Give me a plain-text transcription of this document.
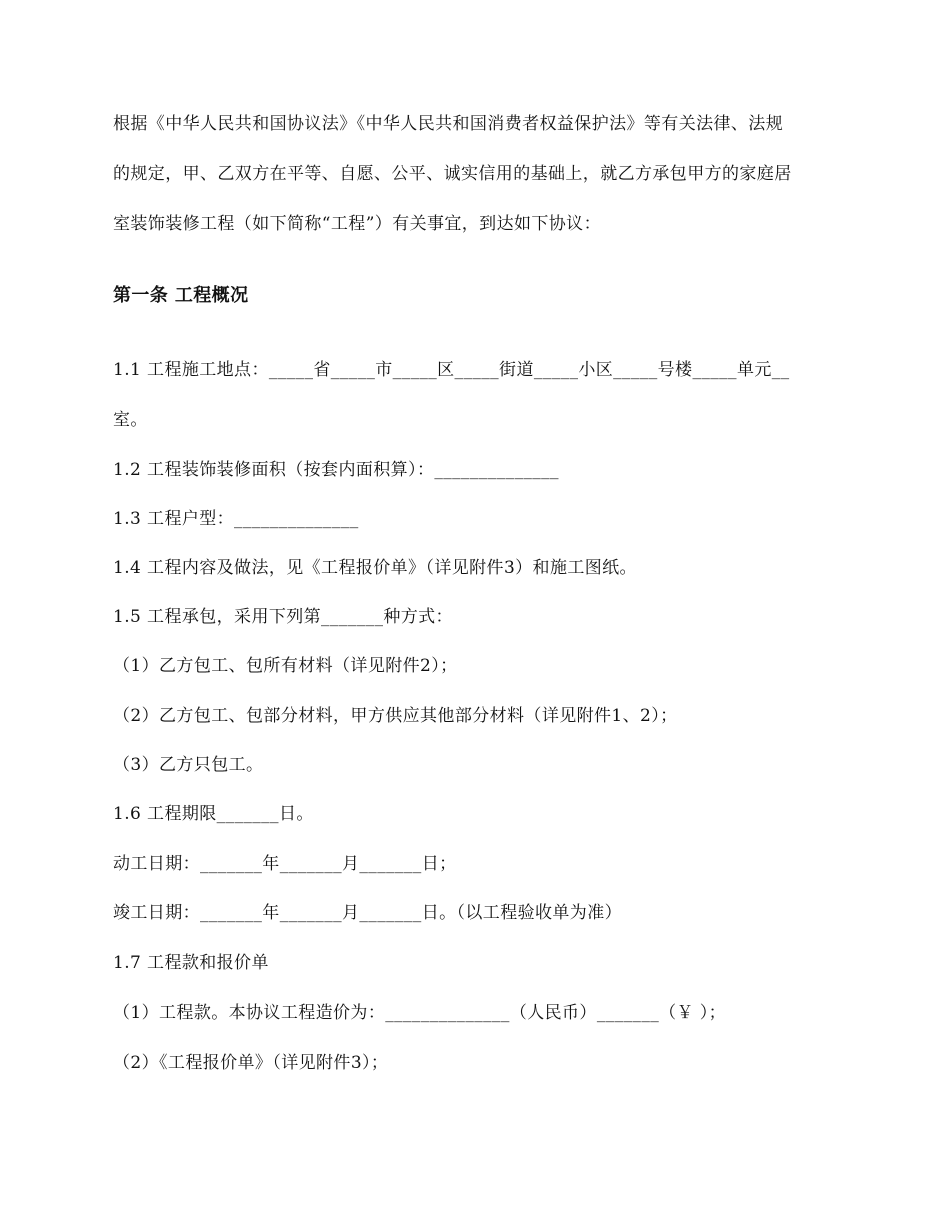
根据《中华人民共和国协议法》《中华人民共和国消费者权益保护法》等有关法律、法规
的规定，甲、乙双方在平等、自愿、公平、诚实信用的基础上，就乙方承包甲方的家庭居
室装饰装修工程（如下简称“工程”）有关事宜，到达如下协议：
第一条 工程概况
1.1 工程施工地点：_____省_____市_____区_____街道_____小区_____号楼_____单元__
室。
1.2 工程装饰装修面积（按套内面积算）：______________
1.3 工程户型：______________
1.4 工程内容及做法，见《工程报价单》（详见附件3）和施工图纸。
1.5 工程承包，采用下列第_______种方式：
（1）乙方包工、包所有材料（详见附件2）；
（2）乙方包工、包部分材料，甲方供应其他部分材料（详见附件1、2）；
（3）乙方只包工。
1.6 工程期限_______日。
动工日期：_______年_______月_______日；
竣工日期：_______年_______月_______日。（以工程验收单为准）
1.7 工程款和报价单
（1）工程款。本协议工程造价为：______________（人民币）_______（￥ ）；
（2）《工程报价单》（详见附件3）；
